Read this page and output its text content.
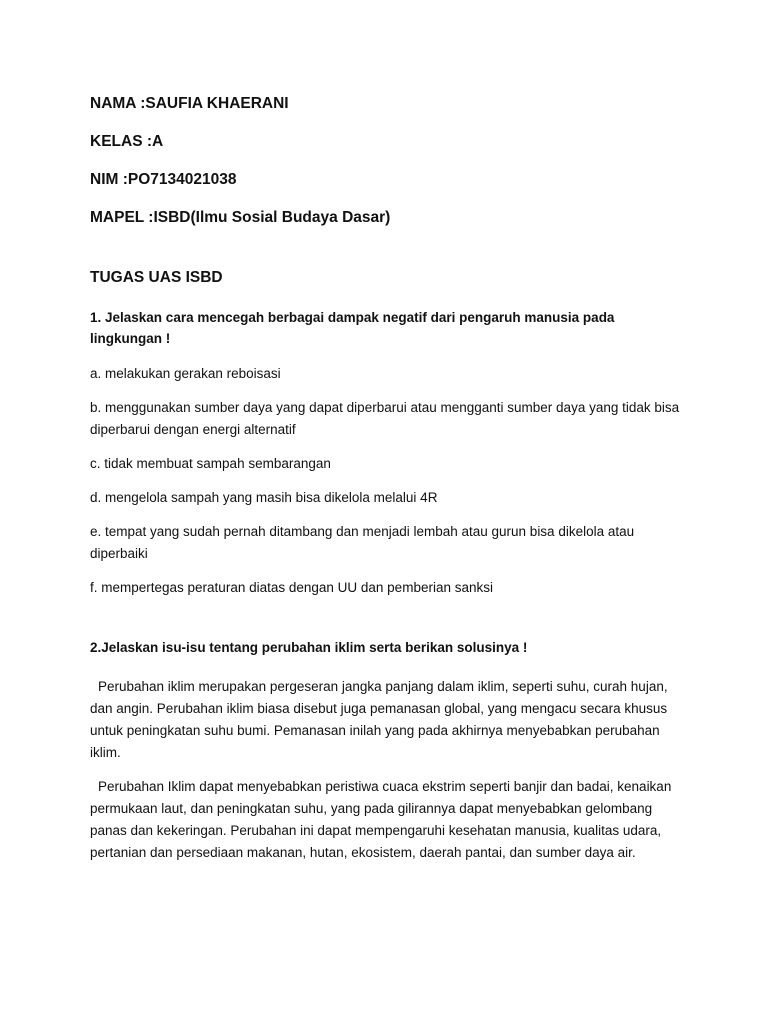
NAMA :SAUFIA KHAERANI
KELAS :A
NIM :PO7134021038
MAPEL :ISBD(Ilmu Sosial Budaya Dasar)
TUGAS UAS ISBD
1. Jelaskan cara mencegah berbagai dampak negatif dari pengaruh manusia pada lingkungan !
a. melakukan gerakan reboisasi
b. menggunakan sumber daya yang dapat diperbarui atau mengganti sumber daya yang tidak bisa diperbarui dengan energi alternatif
c. tidak membuat sampah sembarangan
d. mengelola sampah yang masih bisa dikelola melalui 4R
e. tempat yang sudah pernah ditambang dan menjadi lembah atau gurun bisa dikelola atau diperbaiki
f. mempertegas peraturan diatas dengan UU dan pemberian sanksi
2.Jelaskan isu-isu tentang perubahan iklim serta berikan solusinya !
Perubahan iklim merupakan pergeseran jangka panjang dalam iklim, seperti suhu, curah hujan, dan angin. Perubahan iklim biasa disebut juga pemanasan global, yang mengacu secara khusus untuk peningkatan suhu bumi. Pemanasan inilah yang pada akhirnya menyebabkan perubahan iklim.
Perubahan Iklim dapat menyebabkan peristiwa cuaca ekstrim seperti banjir dan badai, kenaikan permukaan laut, dan peningkatan suhu, yang pada gilirannya dapat menyebabkan gelombang panas dan kekeringan. Perubahan ini dapat mempengaruhi kesehatan manusia, kualitas udara, pertanian dan persediaan makanan, hutan, ekosistem, daerah pantai, dan sumber daya air.
